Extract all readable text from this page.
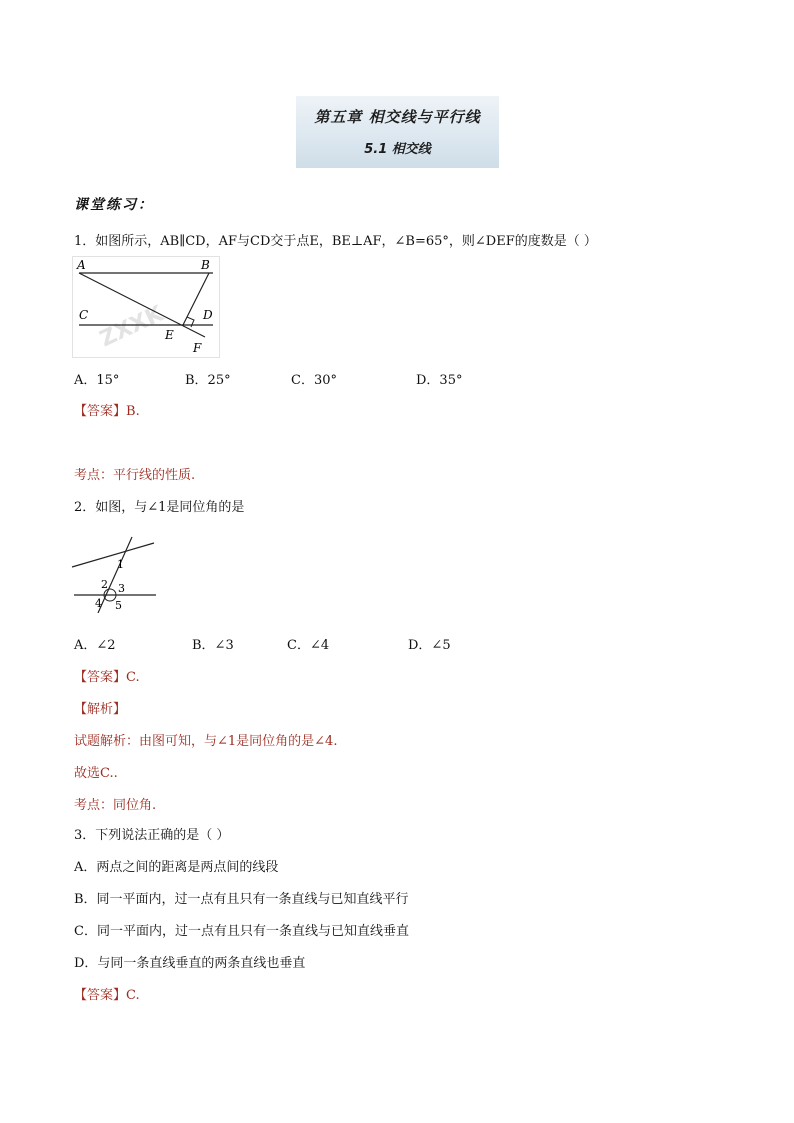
第五章 相交线与平行线
5.1 相交线
课堂练习：
1．如图所示，AB∥CD，AF与CD交于点E，BE⊥AF，∠B=65°，则∠DEF的度数是（ ）
ZXXK
A	B
C	D
E
F
A．15°	B．25°	C．30°	D．35°
【答案】B.
考点：平行线的性质.
2．如图，与∠1是同位角的是
1
2 3
4 5
A．∠2	B．∠3	C．∠4	D．∠5
【答案】C.
【解析】
试题解析：由图可知，与∠1是同位角的是∠4.
故选C..
考点：同位角.
3．下列说法正确的是（ ）
A．两点之间的距离是两点间的线段
B．同一平面内，过一点有且只有一条直线与已知直线平行
C．同一平面内，过一点有且只有一条直线与已知直线垂直
D．与同一条直线垂直的两条直线也垂直
【答案】C.
